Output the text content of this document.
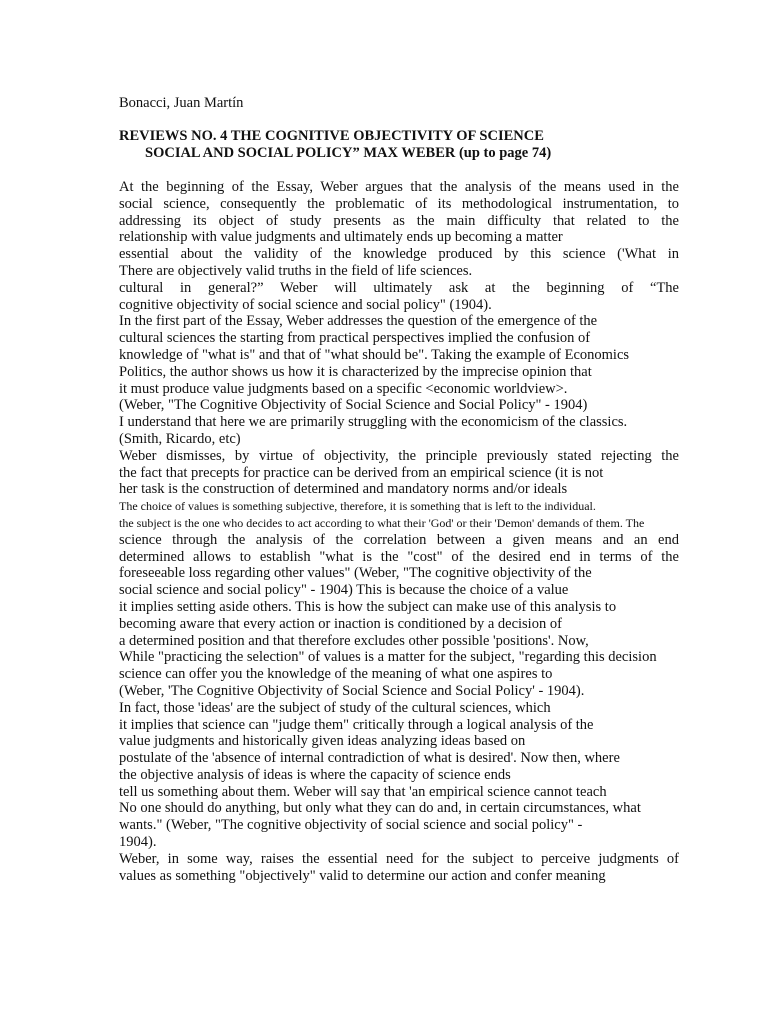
Bonacci, Juan Martín
REVIEWS NO. 4 THE COGNITIVE OBJECTIVITY OF SCIENCE
SOCIAL AND SOCIAL POLICY” MAX WEBER (up to page 74)
At the beginning of the Essay, Weber argues that the analysis of the means used in the
social science, consequently the problematic of its methodological instrumentation, to
addressing its object of study presents as the main difficulty that related to the
relationship with value judgments and ultimately ends up becoming a matter
essential about the validity of the knowledge produced by this science ('What in
There are objectively valid truths in the field of life sciences.
cultural in general?” Weber will ultimately ask at the beginning of “The
cognitive objectivity of social science and social policy" (1904).
In the first part of the Essay, Weber addresses the question of the emergence of the
cultural sciences the starting from practical perspectives implied the confusion of
knowledge of "what is" and that of "what should be". Taking the example of Economics
Politics, the author shows us how it is characterized by the imprecise opinion that
it must produce value judgments based on a specific <economic worldview>.
(Weber, "The Cognitive Objectivity of Social Science and Social Policy" - 1904)
I understand that here we are primarily struggling with the economicism of the classics.
(Smith, Ricardo, etc)
Weber dismisses, by virtue of objectivity, the principle previously stated rejecting the
the fact that precepts for practice can be derived from an empirical science (it is not
her task is the construction of determined and mandatory norms and/or ideals
The choice of values is something subjective, therefore, it is something that is left to the individual.
the subject is the one who decides to act according to what their 'God' or their 'Demon' demands of them. The
science through the analysis of the correlation between a given means and an end
determined allows to establish "what is the "cost" of the desired end in terms of the
foreseeable loss regarding other values" (Weber, "The cognitive objectivity of the
social science and social policy" - 1904) This is because the choice of a value
it implies setting aside others. This is how the subject can make use of this analysis to
becoming aware that every action or inaction is conditioned by a decision of
a determined position and that therefore excludes other possible 'positions'. Now,
While "practicing the selection" of values is a matter for the subject, "regarding this decision
science can offer you the knowledge of the meaning of what one aspires to
(Weber, 'The Cognitive Objectivity of Social Science and Social Policy' - 1904).
In fact, those 'ideas' are the subject of study of the cultural sciences, which
it implies that science can "judge them" critically through a logical analysis of the
value judgments and historically given ideas analyzing ideas based on
postulate of the 'absence of internal contradiction of what is desired'. Now then, where
the objective analysis of ideas is where the capacity of science ends
tell us something about them. Weber will say that 'an empirical science cannot teach
No one should do anything, but only what they can do and, in certain circumstances, what
wants." (Weber, "The cognitive objectivity of social science and social policy" -
1904).
Weber, in some way, raises the essential need for the subject to perceive judgments of
values as something "objectively" valid to determine our action and confer meaning
